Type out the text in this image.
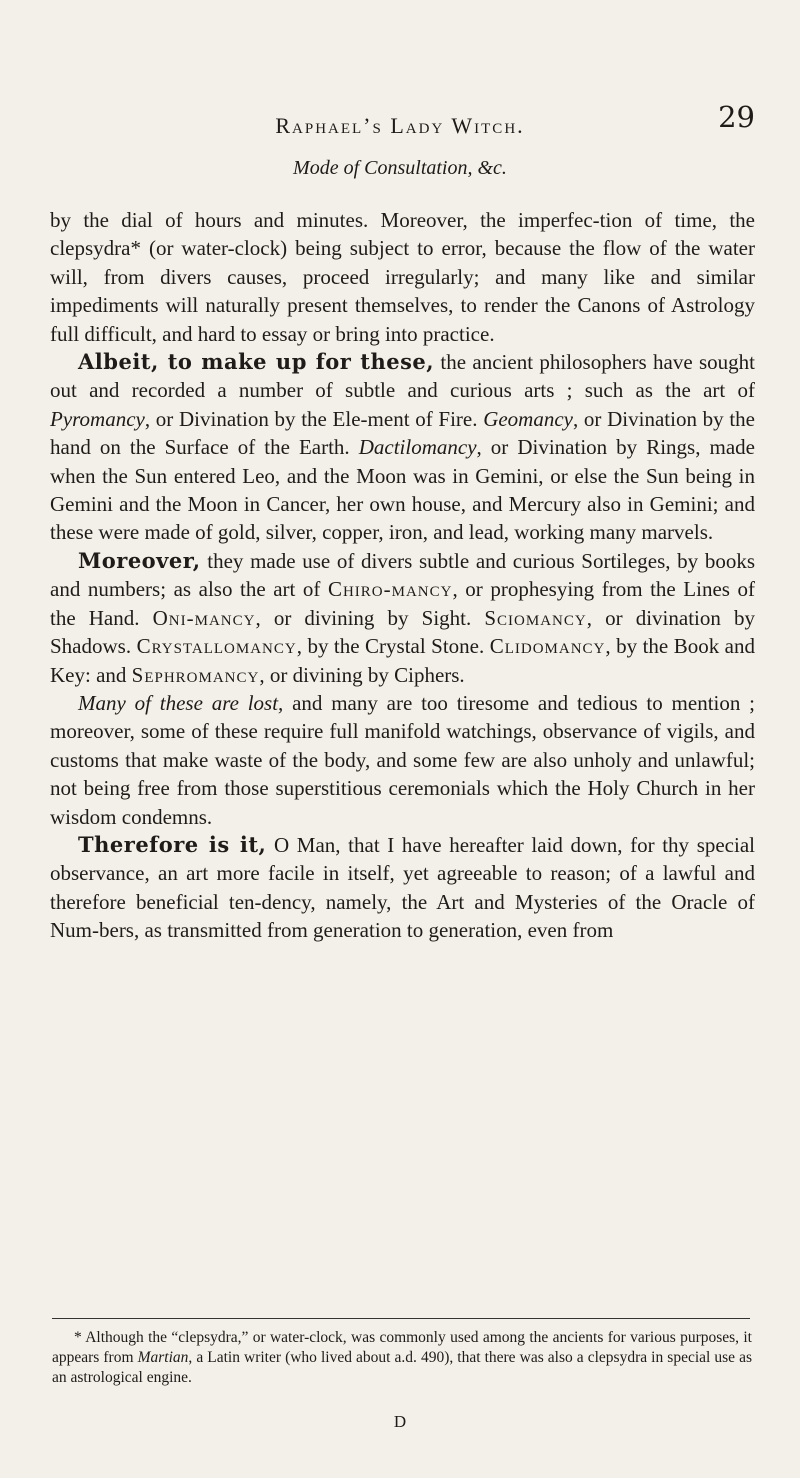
Raphael’s Lady Witch.	29
Mode of Consultation, &c.

by the dial of hours and minutes. Moreover, the imperfec-tion of time, the clepsydra* (or water-clock) being subject to error, because the flow of the water will, from divers causes, proceed irregularly; and many like and similar impediments will naturally present themselves, to render the Canons of Astrology full difficult, and hard to essay or bring into practice.

Albeit, to make up for these, the ancient philosophers have sought out and recorded a number of subtle and curious arts ; such as the art of Pyromancy, or Divination by the Ele-ment of Fire. Geomancy, or Divination by the hand on the Surface of the Earth. Dactilomancy, or Divination by Rings, made when the Sun entered Leo, and the Moon was in Gemini, or else the Sun being in Gemini and the Moon in Cancer, her own house, and Mercury also in Gemini; and these were made of gold, silver, copper, iron, and lead, working many marvels.

Moreover, they made use of divers subtle and curious Sortileges, by books and numbers; as also the art of Chiro-mancy, or prophesying from the Lines of the Hand. Oni-mancy, or divining by Sight. Sciomancy, or divination by Shadows. Crystallomancy, by the Crystal Stone. Clidomancy, by the Book and Key: and Sephromancy, or divining by Ciphers.

Many of these are lost, and many are too tiresome and tedious to mention ; moreover, some of these require full manifold watchings, observance of vigils, and customs that make waste of the body, and some few are also unholy and unlawful; not being free from those superstitious ceremonials which the Holy Church in her wisdom condemns.

Therefore is it, O Man, that I have hereafter laid down, for thy special observance, an art more facile in itself, yet agreeable to reason; of a lawful and therefore beneficial ten-dency, namely, the Art and Mysteries of the Oracle of Num-bers, as transmitted from generation to generation, even from

* Although the “clepsydra,” or water-clock, was commonly used among the ancients for various purposes, it appears from Martian, a Latin writer (who lived about a.d. 490), that there was also a clepsydra in special use as an astrological engine.

D
